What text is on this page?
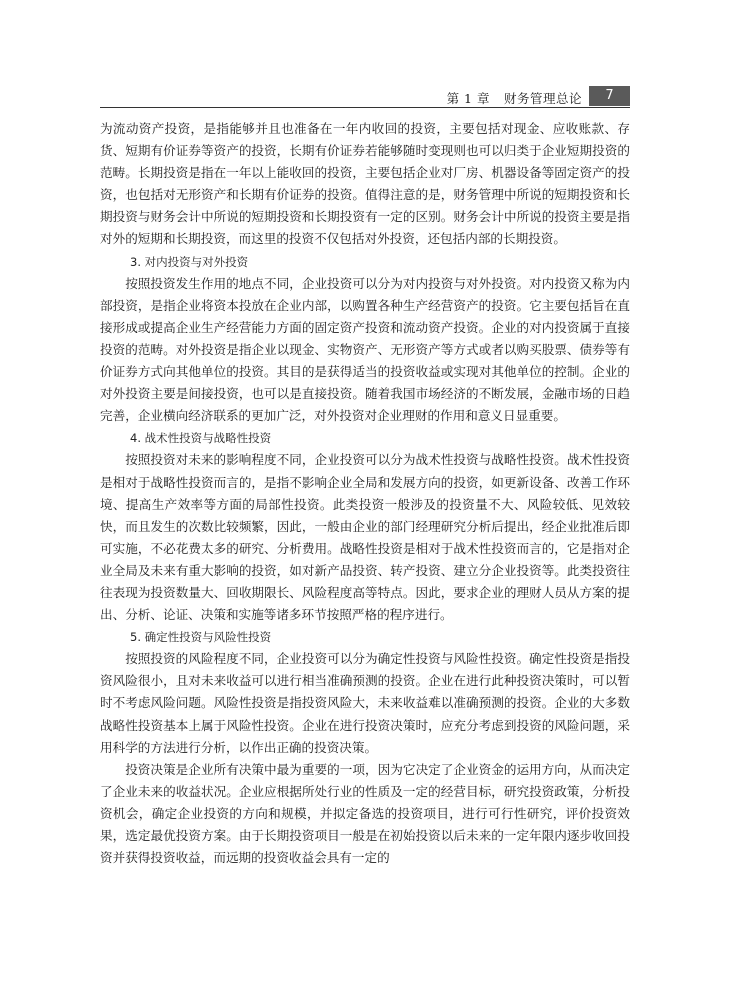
第 1 章 财务管理总论	7

为流动资产投资，是指能够并且也准备在一年内收回的投资，主要包括对现金、应收账款、存货、短期有价证券等资产的投资，长期有价证券若能够随时变现则也可以归类于企业短期投资的范畴。长期投资是指在一年以上能收回的投资，主要包括企业对厂房、机器设备等固定资产的投资，也包括对无形资产和长期有价证券的投资。值得注意的是，财务管理中所说的短期投资和长期投资与财务会计中所说的短期投资和长期投资有一定的区别。财务会计中所说的投资主要是指对外的短期和长期投资，而这里的投资不仅包括对外投资，还包括内部的长期投资。

3. 对内投资与对外投资

按照投资发生作用的地点不同，企业投资可以分为对内投资与对外投资。对内投资又称为内部投资，是指企业将资本投放在企业内部，以购置各种生产经营资产的投资。它主要包括旨在直接形成或提高企业生产经营能力方面的固定资产投资和流动资产投资。企业的对内投资属于直接投资的范畴。对外投资是指企业以现金、实物资产、无形资产等方式或者以购买股票、债券等有价证券方式向其他单位的投资。其目的是获得适当的投资收益或实现对其他单位的控制。企业的对外投资主要是间接投资，也可以是直接投资。随着我国市场经济的不断发展，金融市场的日趋完善，企业横向经济联系的更加广泛，对外投资对企业理财的作用和意义日显重要。

4. 战术性投资与战略性投资

按照投资对未来的影响程度不同，企业投资可以分为战术性投资与战略性投资。战术性投资是相对于战略性投资而言的，是指不影响企业全局和发展方向的投资，如更新设备、改善工作环境、提高生产效率等方面的局部性投资。此类投资一般涉及的投资量不大、风险较低、见效较快，而且发生的次数比较频繁，因此，一般由企业的部门经理研究分析后提出，经企业批准后即可实施，不必花费太多的研究、分析费用。战略性投资是相对于战术性投资而言的，它是指对企业全局及未来有重大影响的投资，如对新产品投资、转产投资、建立分企业投资等。此类投资往往表现为投资数量大、回收期限长、风险程度高等特点。因此，要求企业的理财人员从方案的提出、分析、论证、决策和实施等诸多环节按照严格的程序进行。

5. 确定性投资与风险性投资

按照投资的风险程度不同，企业投资可以分为确定性投资与风险性投资。确定性投资是指投资风险很小，且对未来收益可以进行相当准确预测的投资。企业在进行此种投资决策时，可以暂时不考虑风险问题。风险性投资是指投资风险大，未来收益难以准确预测的投资。企业的大多数战略性投资基本上属于风险性投资。企业在进行投资决策时，应充分考虑到投资的风险问题，采用科学的方法进行分析，以作出正确的投资决策。

投资决策是企业所有决策中最为重要的一项，因为它决定了企业资金的运用方向，从而决定了企业未来的收益状况。企业应根据所处行业的性质及一定的经营目标，研究投资政策，分析投资机会，确定企业投资的方向和规模，并拟定备选的投资项目，进行可行性研究，评价投资效果，选定最优投资方案。由于长期投资项目一般是在初始投资以后未来的一定年限内逐步收回投资并获得投资收益，而远期的投资收益会具有一定的
